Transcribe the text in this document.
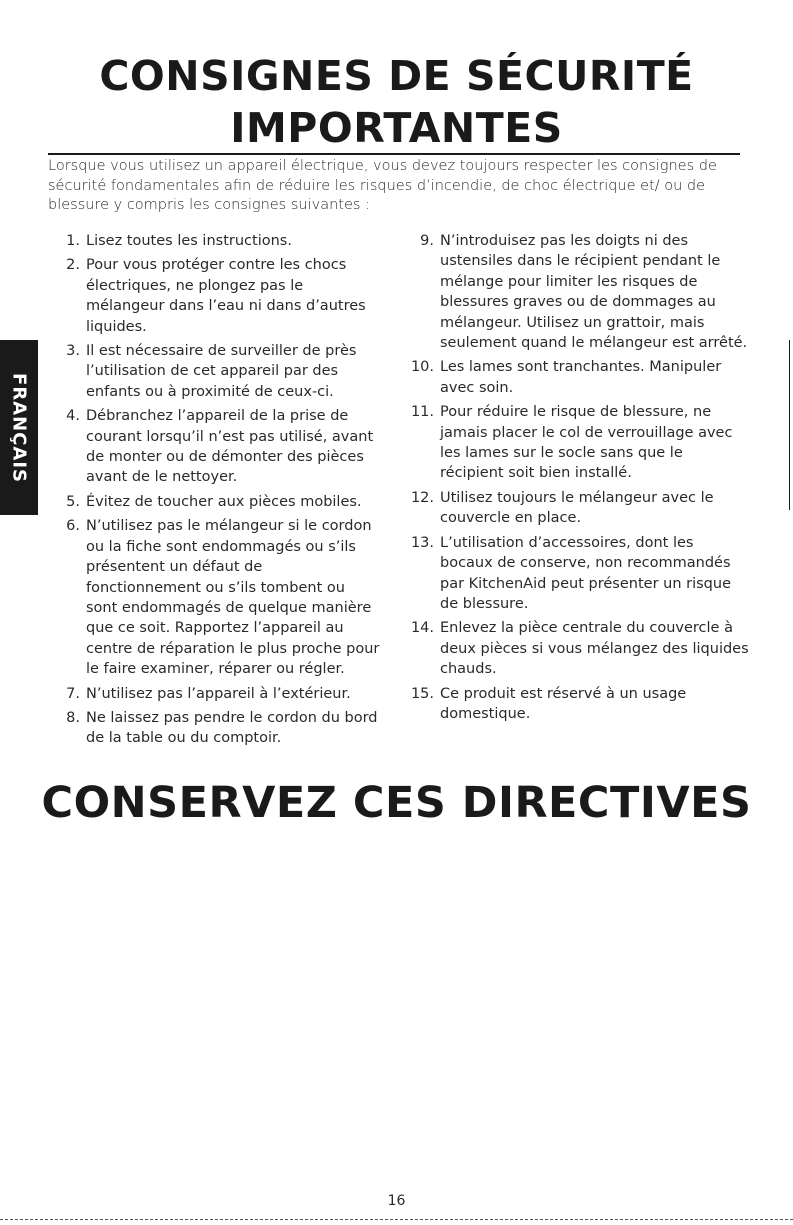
CONSIGNES DE SÉCURITÉ
IMPORTANTES
Lorsque vous utilisez un appareil électrique, vous devez toujours respecter les consignes de sécurité fondamentales afin de réduire les risques d’incendie, de choc électrique et/ ou de blessure y compris les consignes suivantes :
FRANÇAIS
1. Lisez toutes les instructions.
2. Pour vous protéger contre les chocs électriques, ne plongez pas le mélangeur dans l’eau ni dans d’autres liquides.
3. Il est nécessaire de surveiller de près l’utilisation de cet appareil par des enfants ou à proximité de ceux-ci.
4. Débranchez l’appareil de la prise de courant lorsqu’il n’est pas utilisé, avant de monter ou de démonter des pièces avant de le nettoyer.
5. Évitez de toucher aux pièces mobiles.
6. N’utilisez pas le mélangeur si le cordon ou la fiche sont endommagés ou s’ils présentent un défaut de fonctionnement ou s’ils tombent ou sont endommagés de quelque manière que ce soit. Rapportez l’appareil au centre de réparation le plus proche pour le faire examiner, réparer ou régler.
7. N’utilisez pas l’appareil à l’extérieur.
8. Ne laissez pas pendre le cordon du bord de la table ou du comptoir.
9. N’introduisez pas les doigts ni des ustensiles dans le récipient pendant le mélange pour limiter les risques de blessures graves ou de dommages au mélangeur. Utilisez un grattoir, mais seulement quand le mélangeur est arrêté.
10. Les lames sont tranchantes. Manipuler avec soin.
11. Pour réduire le risque de blessure, ne jamais placer le col de verrouillage avec les lames sur le socle sans que le récipient soit bien installé.
12. Utilisez toujours le mélangeur avec le couvercle en place.
13. L’utilisation d’accessoires, dont les bocaux de conserve, non recommandés par KitchenAid peut présenter un risque de blessure.
14. Enlevez la pièce centrale du couvercle à deux pièces si vous mélangez des liquides chauds.
15. Ce produit est réservé à un usage domestique.
CONSERVEZ CES DIRECTIVES
16
